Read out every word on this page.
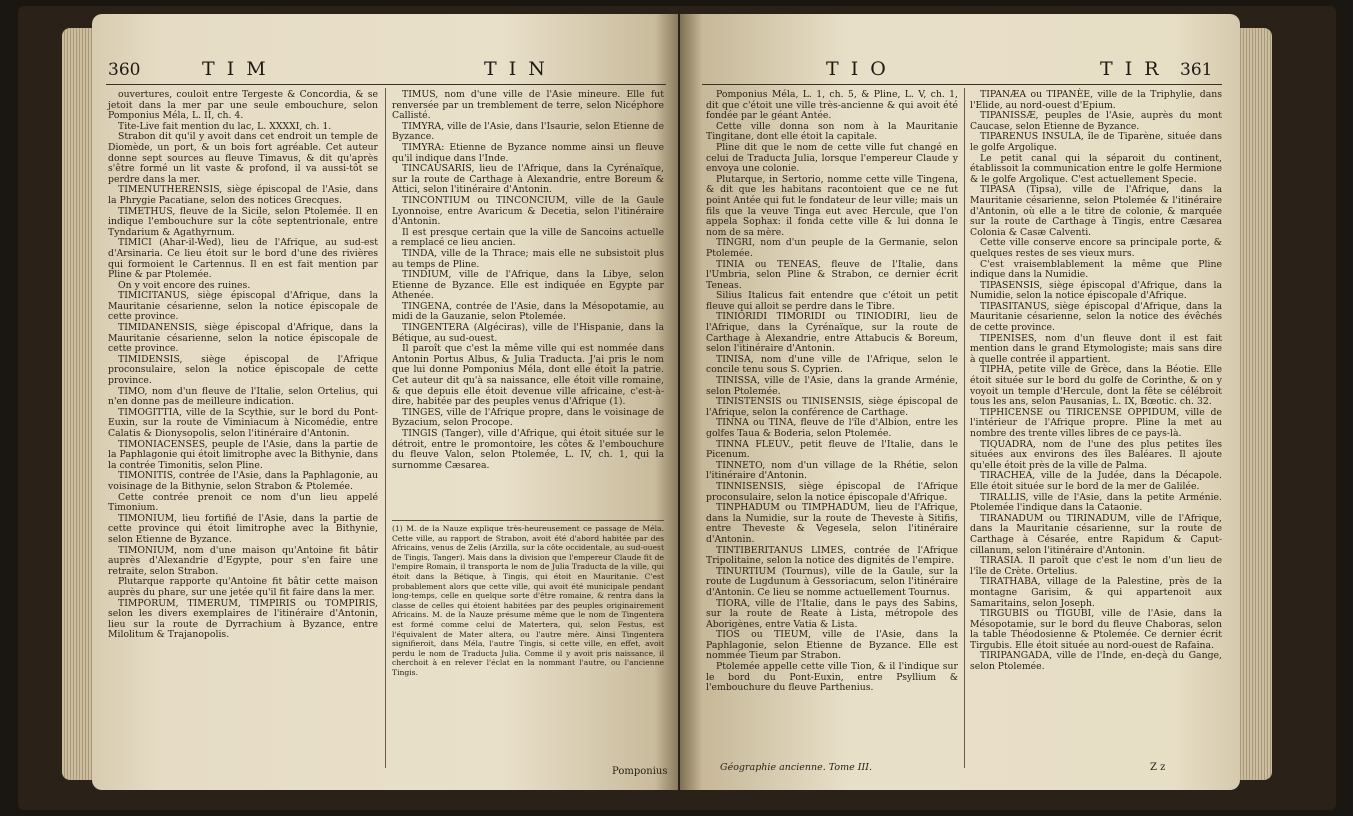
360	T I M	T I N

ouvertures, couloit entre Tergeste & Concordia, & se jetoit dans la mer par une seule embouchure, selon Pomponius Méla, L. II, ch. 4.

Tite-Live fait mention du lac, L. XXXXI, ch. 1.

Strabon dit qu'il y avoit dans cet endroit un temple de Diomède, un port, & un bois fort agréable. Cet auteur donne sept sources au fleuve Timavus, & dit qu'après s'être formé un lit vaste & profond, il va aussi-tôt se perdre dans la mer.

TIMENUTHERENSIS, siège épiscopal de l'Asie, dans la Phrygie Pacatiane, selon des notices Grecques.

TIMETHUS, fleuve de la Sicile, selon Ptolemée. Il en indique l'embouchure sur la côte septentrionale, entre Tyndarium & Agathyrnum.

TIMICI (Ahar-il-Wed), lieu de l'Afrique, au sud-est d'Arsinaria. Ce lieu étoit sur le bord d'une des rivières qui formoient le Cartennus. Il en est fait mention par Pline & par Ptolemée.

On y voit encore des ruines.

TIMICITANUS, siège épiscopal d'Afrique, dans la Mauritanie césarienne, selon la notice épiscopale de cette province.

TIMIDANENSIS, siège épiscopal d'Afrique, dans la Mauritanie césarienne, selon la notice épiscopale de cette province.

TIMIDENSIS, siège épiscopal de l'Afrique proconsulaire, selon la notice épiscopale de cette province.

TIMO, nom d'un fleuve de l'Italie, selon Ortelius, qui n'en donne pas de meilleure indication.

TIMOGITTIA, ville de la Scythie, sur le bord du Pont-Euxin, sur la route de Viminiacum à Nicomédie, entre Calatis & Dionysopolis, selon l'itinéraire d'Antonin.

TIMONIACENSES, peuple de l'Asie, dans la partie de la Paphlagonie qui étoit limitrophe avec la Bithynie, dans la contrée Timonitis, selon Pline.

TIMONITIS, contrée de l'Asie, dans la Paphlagonie, au voisinage de la Bithynie, selon Strabon & Ptolemée.

Cette contrée prenoit ce nom d'un lieu appelé Timonium.

TIMONIUM, lieu fortifié de l'Asie, dans la partie de cette province qui étoit limitrophe avec la Bithynie, selon Etienne de Byzance.

TIMONIUM, nom d'une maison qu'Antoine fit bâtir auprès d'Alexandrie d'Egypte, pour s'en faire une retraite, selon Strabon.

Plutarque rapporte qu'Antoine fit bâtir cette maison auprès du phare, sur une jetée qu'il fit faire dans la mer.

TIMPORUM, TIMERUM, TIMPIRIS ou TOMPIRIS, selon les divers exemplaires de l'itinéraire d'Antonin, lieu sur la route de Dyrrachium à Byzance, entre Milolitum & Trajanopolis.

TIMUS, nom d'une ville de l'Asie mineure. Elle fut renversée par un tremblement de terre, selon Nicéphore Callisté.

TIMYRA, ville de l'Asie, dans l'Isaurie, selon Etienne de Byzance.

TIMYRA: Etienne de Byzance nomme ainsi un fleuve qu'il indique dans l'Inde.

TINCAUSARIS, lieu de l'Afrique, dans la Cyrénaïque, sur la route de Carthage à Alexandrie, entre Boreum & Attici, selon l'itinéraire d'Antonin.

TINCONTIUM ou TINCONCIUM, ville de la Gaule Lyonnoise, entre Avaricum & Decetia, selon l'itinéraire d'Antonin.

Il est presque certain que la ville de Sancoins actuelle a remplacé ce lieu ancien.

TINDA, ville de la Thrace; mais elle ne subsistoit plus au temps de Pline.

TINDIUM, ville de l'Afrique, dans la Libye, selon Etienne de Byzance. Elle est indiquée en Egypte par Athenée.

TINGENA, contrée de l'Asie, dans la Mésopotamie, au midi de la Gauzanie, selon Ptolemée.

TINGENTERA (Algéciras), ville de l'Hispanie, dans la Bétique, au sud-ouest.

Il paroît que c'est la même ville qui est nommée dans Antonin Portus Albus, & Julia Traducta. J'ai pris le nom que lui donne Pomponius Méla, dont elle étoit la patrie. Cet auteur dit qu'à sa naissance, elle étoit ville romaine, & que depuis elle étoit devenue ville africaine, c'est-à-dire, habitée par des peuples venus d'Afrique (1).

TINGES, ville de l'Afrique propre, dans le voisinage de Byzacium, selon Procope.

TINGIS (Tanger), ville d'Afrique, qui étoit située sur le détroit, entre le promontoire, les côtes & l'embouchure du fleuve Valon, selon Ptolemée, L. IV, ch. 1, qui la surnomme Cæsarea.

(1) M. de la Nauze explique très-heureusement ce passage de Méla. Cette ville, au rapport de Strabon, avoit été d'abord habitée par des Africains, venus de Zelis (Arzilla, sur la côte occidentale, au sud-ouest de Tingis, Tanger). Mais dans la division que l'empereur Claude fit de l'empire Romain, il transporta le nom de Julia Traducta de la ville, qui étoit dans la Bétique, à Tingis, qui étoit en Mauritanie. C'est probablement alors que cette ville, qui avoit été municipale pendant long-temps, celle en quelque sorte d'être romaine, & rentra dans la classe de celles qui étoient habitées par des peuples originairement Africains. M. de la Nauze présume même que le nom de Tingentera est formé comme celui de Matertera, qui, selon Festus, est l'équivalent de Mater altera, ou l'autre mère. Ainsi Tingentera signifieroit, dans Méla, l'autre Tingis, si cette ville, en effet, avoit perdu le nom de Traducta Julia. Comme il y avoit pris naissance, il cherchoit à en relever l'éclat en la nommant l'autre, ou l'ancienne Tingis.
Pomponius
T I O	T I R 361

Pomponius Méla, L. 1, ch. 5, & Pline, L. V, ch. 1, dit que c'étoit une ville très-ancienne & qui avoit été fondée par le géant Antée.

Cette ville donna son nom à la Mauritanie Tingitane, dont elle étoit la capitale.

Pline dit que le nom de cette ville fut changé en celui de Traducta Julia, lorsque l'empereur Claude y envoya une colonie.

Plutarque, in Sertorio, nomme cette ville Tingena, & dit que les habitans racontoient que ce ne fut point Antée qui fut le fondateur de leur ville; mais un fils que la veuve Tinga eut avec Hercule, que l'on appela Sophax: il fonda cette ville & lui donna le nom de sa mère.

TINGRI, nom d'un peuple de la Germanie, selon Ptolemée.

TINIA ou TENEAS, fleuve de l'Italie, dans l'Umbria, selon Pline & Strabon, ce dernier écrit Teneas.

Silius Italicus fait entendre que c'étoit un petit fleuve qui alloit se perdre dans le Tibre.

TINIORIDI TIMORIDI ou TINIODIRI, lieu de l'Afrique, dans la Cyrénaïque, sur la route de Carthage à Alexandrie, entre Attabucis & Boreum, selon l'itinéraire d'Antonin.

TINISA, nom d'une ville de l'Afrique, selon le concile tenu sous S. Cyprien.

TINISSA, ville de l'Asie, dans la grande Arménie, selon Ptolemée.

TINISTENSIS ou TINISENSIS, siège épiscopal de l'Afrique, selon la conférence de Carthage.

TINNA ou TINA, fleuve de l'île d'Albion, entre les golfes Taua & Boderia, selon Ptolemée.

TINNA FLEUV., petit fleuve de l'Italie, dans le Picenum.

TINNETO, nom d'un village de la Rhétie, selon l'itinéraire d'Antonin.

TINNISENSIS, siège épiscopal de l'Afrique proconsulaire, selon la notice épiscopale d'Afrique.

TINPHADUM ou TIMPHADUM, lieu de l'Afrique, dans la Numidie, sur la route de Theveste à Sitifis, entre Theveste & Vegesela, selon l'itinéraire d'Antonin.

TINTIBERITANUS LIMES, contrée de l'Afrique Tripolitaine, selon la notice des dignités de l'empire.

TINURTIUM (Tournus), ville de la Gaule, sur la route de Lugdunum à Gessoriacum, selon l'itinéraire d'Antonin. Ce lieu se nomme actuellement Tournus.

TIORA, ville de l'Italie, dans le pays des Sabins, sur la route de Reate à Lista, métropole des Aborigènes, entre Vatia & Lista.

TIOS ou TIEUM, ville de l'Asie, dans la Paphlagonie, selon Etienne de Byzance. Elle est nommée Tieum par Strabon.

Ptolemée appelle cette ville Tion, & il l'indique sur le bord du Pont-Euxin, entre Psyllium & l'embouchure du fleuve Parthenius.

TIPANÆA ou TIPANÈE, ville de la Triphylie, dans l'Elide, au nord-ouest d'Epium.

TIPANISSÆ, peuples de l'Asie, auprès du mont Caucase, selon Etienne de Byzance.

TIPARENUS INSULA, île de Tiparène, située dans le golfe Argolique.

Le petit canal qui la séparoit du continent, établissoit la communication entre le golfe Hermione & le golfe Argolique. C'est actuellement Specie.

TIPASA (Tipsa), ville de l'Afrique, dans la Mauritanie césarienne, selon Ptolemée & l'itinéraire d'Antonin, où elle a le titre de colonie, & marquée sur la route de Carthage à Tingis, entre Cæsarea Colonia & Casæ Calventi.

Cette ville conserve encore sa principale porte, & quelques restes de ses vieux murs.

C'est vraisemblablement la même que Pline indique dans la Numidie.

TIPASENSIS, siège épiscopal d'Afrique, dans la Numidie, selon la notice épiscopale d'Afrique.

TIPASITANUS, siège épiscopal d'Afrique, dans la Mauritanie césarienne, selon la notice des évêchés de cette province.

TIPENISES, nom d'un fleuve dont il est fait mention dans le grand Etymologiste; mais sans dire à quelle contrée il appartient.

TIPHA, petite ville de Grèce, dans la Béotie. Elle étoit située sur le bord du golfe de Corinthe, & on y voyoit un temple d'Hercule, dont la fête se célébroit tous les ans, selon Pausanias, L. IX, Bœotic. ch. 32.

TIPHICENSE ou TIRICENSE OPPIDUM, ville de l'intérieur de l'Afrique propre. Pline la met au nombre des trente villes libres de ce pays-là.

TIQUADRA, nom de l'une des plus petites îles situées aux environs des îles Baléares. Il ajoute qu'elle étoit près de la ville de Palma.

TIRACHEA, ville de la Judée, dans la Décapole. Elle étoit située sur le bord de la mer de Galilée.

TIRALLIS, ville de l'Asie, dans la petite Arménie. Ptolemée l'indique dans la Cataonie.

TIRANADUM ou TIRINADUM, ville de l'Afrique, dans la Mauritanie césarienne, sur la route de Carthage à Césarée, entre Rapidum & Caput-cillanum, selon l'itinéraire d'Antonin.

TIRASIA. Il paroît que c'est le nom d'un lieu de l'île de Crète. Ortelius.

TIRATHABA, village de la Palestine, près de la montagne Garisim, & qui appartenoit aux Samaritains, selon Joseph.

TIRGUBIS ou TIGUBI, ville de l'Asie, dans la Mésopotamie, sur le bord du fleuve Chaboras, selon la table Théodosienne & Ptolemée. Ce dernier écrit Tirgubis. Elle étoit située au nord-ouest de Rafaina.

TIRIPANGADA, ville de l'Inde, en-deçà du Gange, selon Ptolemée.

Géographie ancienne. Tome III.	Z z
